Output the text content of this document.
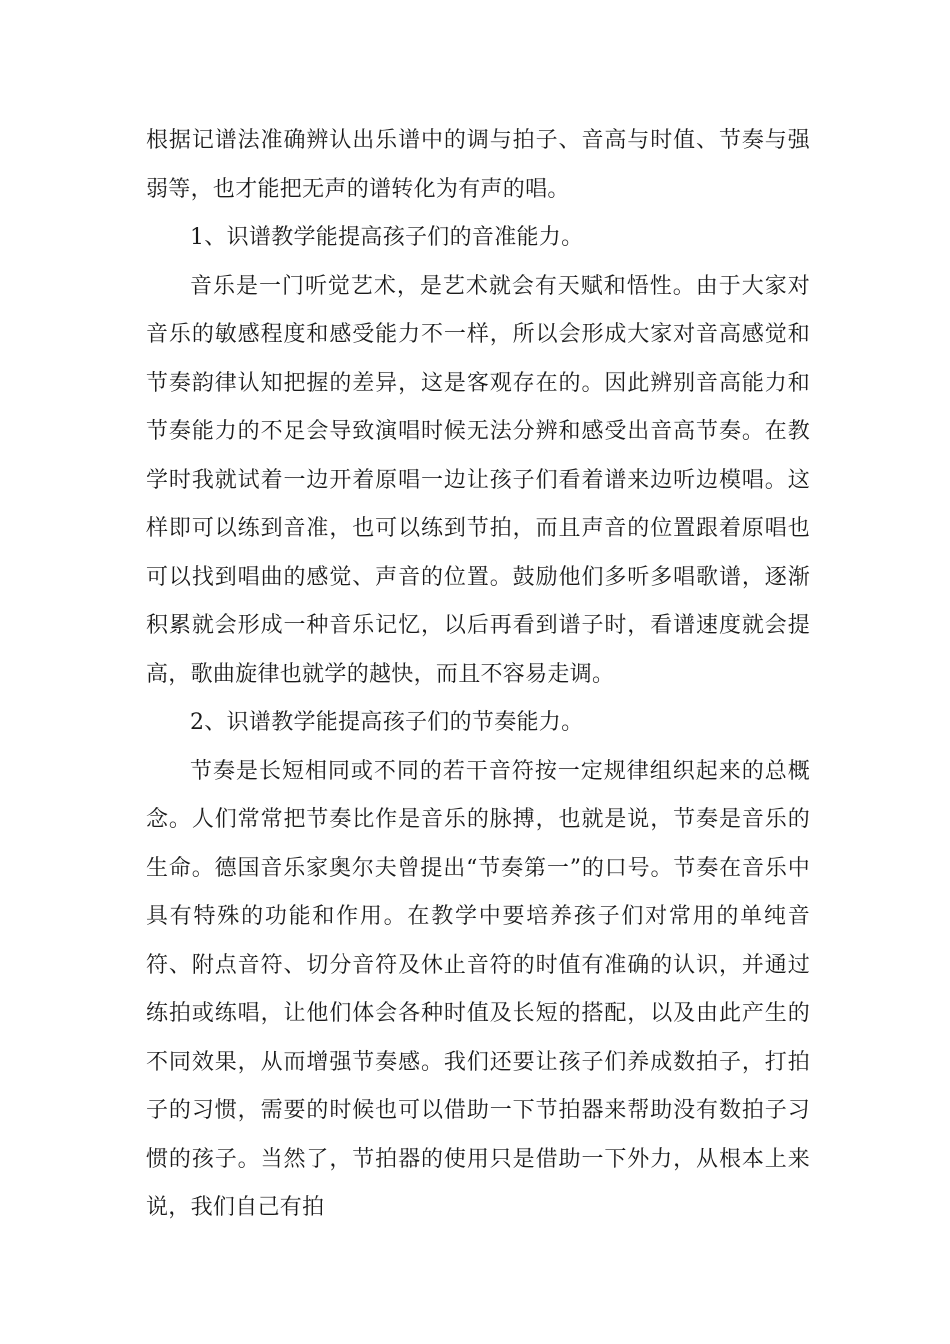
根据记谱法准确辨认出乐谱中的调与拍子、音高与时值、节奏与强弱等，也才能把无声的谱转化为有声的唱。

1、识谱教学能提高孩子们的音准能力。

音乐是一门听觉艺术，是艺术就会有天赋和悟性。由于大家对音乐的敏感程度和感受能力不一样，所以会形成大家对音高感觉和节奏韵律认知把握的差异，这是客观存在的。因此辨别音高能力和节奏能力的不足会导致演唱时候无法分辨和感受出音高节奏。在教学时我就试着一边开着原唱一边让孩子们看着谱来边听边模唱。这样即可以练到音准，也可以练到节拍，而且声音的位置跟着原唱也可以找到唱曲的感觉、声音的位置。鼓励他们多听多唱歌谱，逐渐积累就会形成一种音乐记忆，以后再看到谱子时，看谱速度就会提高，歌曲旋律也就学的越快，而且不容易走调。

2、识谱教学能提高孩子们的节奏能力。

节奏是长短相同或不同的若干音符按一定规律组织起来的总概念。人们常常把节奏比作是音乐的脉搏，也就是说，节奏是音乐的生命。德国音乐家奥尔夫曾提出“节奏第一”的口号。节奏在音乐中具有特殊的功能和作用。在教学中要培养孩子们对常用的单纯音符、附点音符、切分音符及休止音符的时值有准确的认识，并通过练拍或练唱，让他们体会各种时值及长短的搭配，以及由此产生的不同效果，从而增强节奏感。我们还要让孩子们养成数拍子，打拍子的习惯，需要的时候也可以借助一下节拍器来帮助没有数拍子习惯的孩子。当然了，节拍器的使用只是借助一下外力，从根本上来说，我们自己有拍
